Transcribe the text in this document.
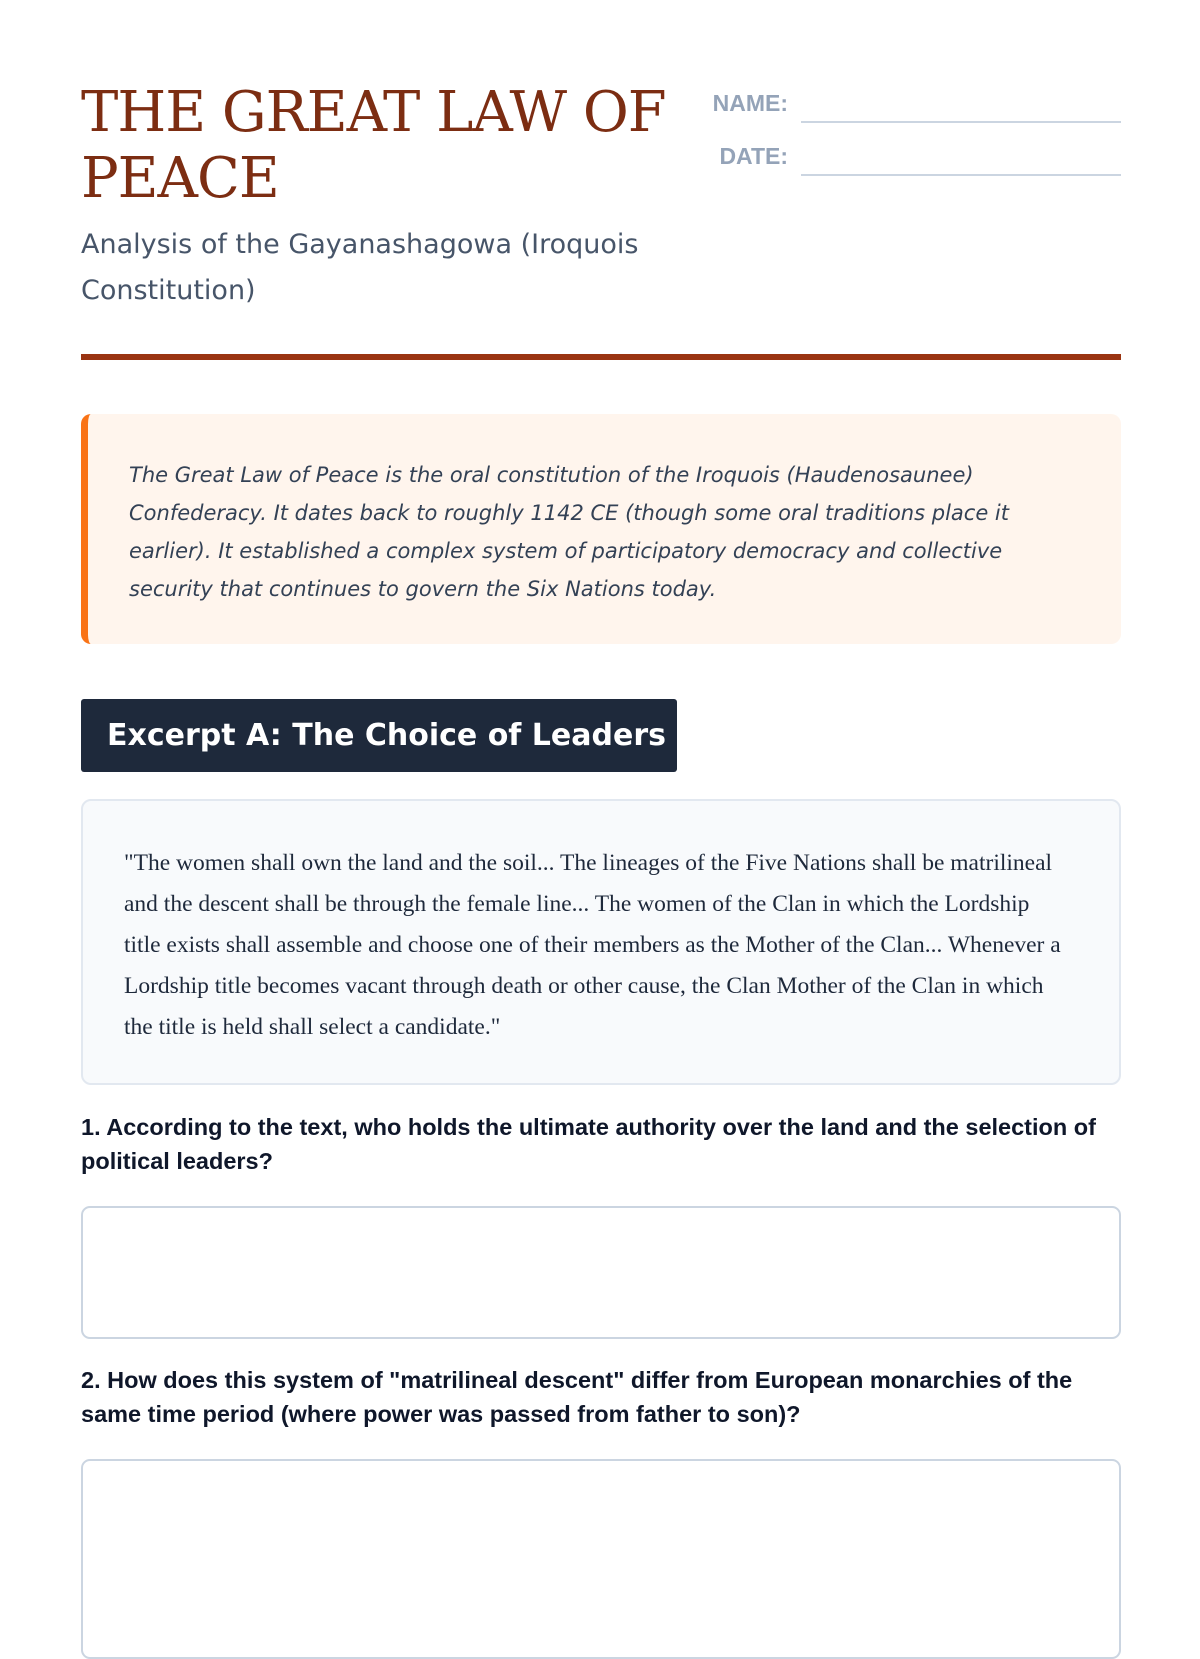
THE GREAT LAW OF PEACE

Analysis of the Gayanashagowa (Iroquois Constitution)

NAME:
DATE:
The Great Law of Peace is the oral constitution of the Iroquois (Haudenosaunee) Confederacy. It dates back to roughly 1142 CE (though some oral traditions place it earlier). It established a complex system of participatory democracy and collective security that continues to govern the Six Nations today.
Excerpt A: The Choice of Leaders
"The women shall own the land and the soil... The lineages of the Five Nations shall be matrilineal and the descent shall be through the female line... The women of the Clan in which the Lordship title exists shall assemble and choose one of their members as the Mother of the Clan... Whenever a Lordship title becomes vacant through death or other cause, the Clan Mother of the Clan in which the title is held shall select a candidate."

1. According to the text, who holds the ultimate authority over the land and the selection of political leaders?

2. How does this system of "matrilineal descent" differ from European monarchies of the same time period (where power was passed from father to son)?
